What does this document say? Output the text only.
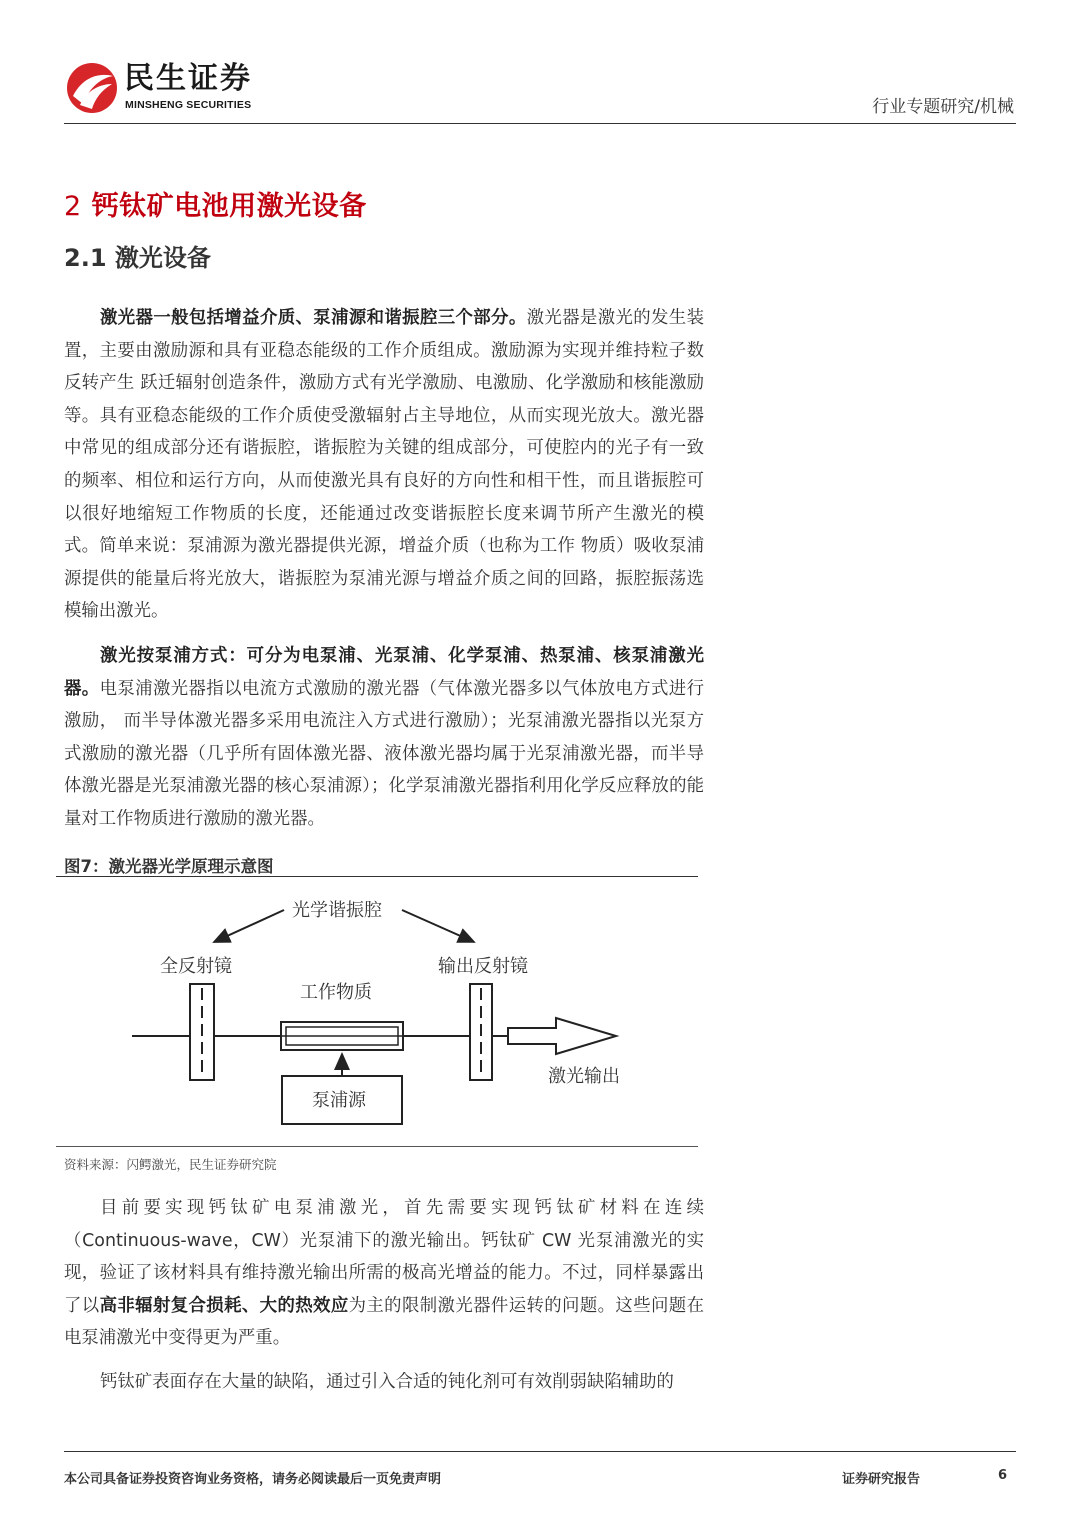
民生证券
MINSHENG SECURITIES	行业专题研究/机械
2 钙钛矿电池用激光设备
2.1 激光设备

激光器一般包括增益介质、泵浦源和谐振腔三个部分。激光器是激光的发生装置，主要由激励源和具有亚稳态能级的工作介质组成。激励源为实现并维持粒子数反转产生 跃迁辐射创造条件，激励方式有光学激励、电激励、化学激励和核能激励等。具有亚稳态能级的工作介质使受激辐射占主导地位，从而实现光放大。激光器中常见的组成部分还有谐振腔，谐振腔为关键的组成部分，可使腔内的光子有一致的频率、相位和运行方向，从而使激光具有良好的方向性和相干性，而且谐振腔可以很好地缩短工作物质的长度，还能通过改变谐振腔长度来调节所产生激光的模式。简单来说：泵浦源为激光器提供光源，增益介质（也称为工作 物质）吸收泵浦源提供的能量后将光放大，谐振腔为泵浦光源与增益介质之间的回路，振腔振荡选模输出激光。

激光按泵浦方式：可分为电泵浦、光泵浦、化学泵浦、热泵浦、核泵浦激光器。电泵浦激光器指以电流方式激励的激光器（气体激光器多以气体放电方式进行激励， 而半导体激光器多采用电流注入方式进行激励）；光泵浦激光器指以光泵方式激励的激光器（几乎所有固体激光器、液体激光器均属于光泵浦激光器，而半导体激光器是光泵浦激光器的核心泵浦源）；化学泵浦激光器指利用化学反应释放的能量对工作物质进行激励的激光器。

图7：激光器光学原理示意图
光学谐振腔
全反射镜	输出反射镜
工作物质
泵浦源
激光输出
资料来源：闪鳄激光，民生证券研究院

目前要实现钙钛矿电泵浦激光，首先需要实现钙钛矿材料在连续（Continuous-wave，CW）光泵浦下的激光输出。钙钛矿 CW 光泵浦激光的实现，验证了该材料具有维持激光输出所需的极高光增益的能力。不过，同样暴露出了以高非辐射复合损耗、大的热效应为主的限制激光器件运转的问题。这些问题在电泵浦激光中变得更为严重。

钙钛矿表面存在大量的缺陷，通过引入合适的钝化剂可有效削弱缺陷辅助的

本公司具备证券投资咨询业务资格，请务必阅读最后一页免责声明	证券研究报告	6
